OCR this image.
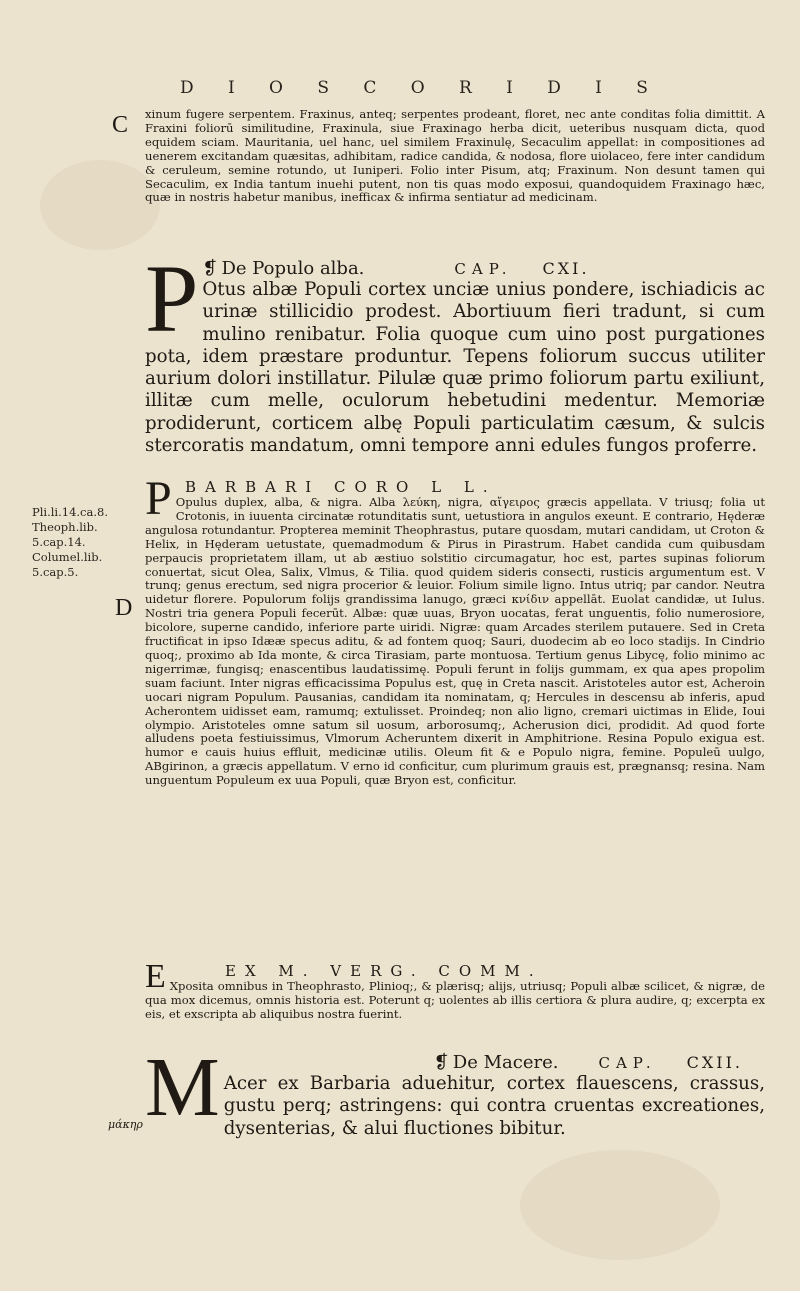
D I O S C O R I D I S
C
D
Pli.li.14.ca.8.
Theoph.lib.
5.cap.14.
Columel.lib.
5.cap.5.
μάκηρ
xinum fugere serpentem. Fraxinus, anteq; serpentes prodeant, floret, nec ante conditas folia dimittit. A Fraxini foliorū similitudine, Fraxinula, siue Fraxinago herba dicit, ueteribus nusquam dicta, quod equidem sciam. Mauritania, uel hanc, uel similem Fraxinulę, Secaculim appellat: in compositiones ad uenerem excitandam quæsitas, adhibitam, radice candida, & nodosa, flore uiolaceo, fere inter candidum & ceruleum, semine rotundo, ut Iuniperi. Folio inter Pisum, atq; Fraxinum. Non desunt tamen qui Secaculim, ex India tantum inuehi putent, non tis quas modo exposui, quandoquidem Fraxinago hæc, quæ in nostris habetur manibus, inefficax & infirma sentiatur ad medicinam.
P ❡ De Populo alba.	CAP. CXI.
Otus albæ Populi cortex unciæ unius pondere, ischiadicis ac urinæ stillicidio prodest. Abortiuum fieri tradunt, si cum mulino renibatur. Folia quoque cum uino post purgationes pota, idem præstare produntur. Tepens foliorum succus utiliter aurium dolori instillatur. Pilulæ quæ primo foliorum partu exiliunt, illitæ cum melle, oculorum hebetudini medentur. Memoriæ prodiderunt, corticem albę Populi particulatim cæsum, & sulcis stercoratis mandatum, omni tempore anni edules fungos proferre.
P BARBARI CORO L L.
Opulus duplex, alba, & nigra. Alba λεύκη, nigra, αἴγειρος græcis appellata. V triusq; folia ut Crotonis, in iuuenta circinatæ rotunditatis sunt, uetustiora in angulos exeunt. E contrario, Hęderæ angulosa rotundantur. Propterea meminit Theophrastus, putare quosdam, mutari candidam, ut Croton & Helix, in Hęderam uetustate, quemadmodum & Pirus in Pirastrum. Habet candida cum quibusdam perpaucis proprietatem illam, ut ab æstiuo solstitio circumagatur, hoc est, partes supinas foliorum conuertat, sicut Olea, Salix, Vlmus, & Tilia. quod quidem sideris consecti, rusticis argumentum est. V trunq; genus erectum, sed nigra procerior & leuior. Folium simile ligno. Intus utriq; par candor. Neutra uidetur florere. Populorum folijs grandissima lanugo, græci κνίδιν appellāt. Euolat candidæ, ut Iulus. Nostri tria genera Populi fecerūt. Albæ: quæ uuas, Bryon uocatas, ferat unguentis, folio numerosiore, bicolore, superne candido, inferiore parte uiridi. Nigræ: quam Arcades sterilem putauere. Sed in Creta fructificat in ipso Idææ specus aditu, & ad fontem quoq; Sauri, duodecim ab eo loco stadijs. In Cindrio quoq;, proximo ab Ida monte, & circa Tirasiam, parte montuosa. Tertium genus Libycę, folio minimo ac nigerrimæ, fungisq; enascentibus laudatissimę. Populi ferunt in folijs gummam, ex qua apes propolim suam faciunt. Inter nigras efficacissima Populus est, quę in Creta nascit. Aristoteles autor est, Acheroin uocari nigram Populum. Pausanias, candidam ita nominatam, q; Hercules in descensu ab inferis, apud Acherontem uidisset eam, ramumq; extulisset. Proindeq; non alio ligno, cremari uictimas in Elide, Ioui olympio. Aristoteles omne satum sil uosum, arborosumq;, Acherusion dici, prodidit. Ad quod forte alludens poeta festiuissimus, Vlmorum Acheruntem dixerit in Amphitrione. Resina Populo exigua est. humor e cauis huius effluit, medicinæ utilis. Oleum fit & e Populo nigra, femine. Populeū uulgo, ABgirinon, a græcis appellatum. V erno id conficitur, cum plurimum grauis est, prægnansq; resina. Nam unguentum Populeum ex uua Populi, quæ Bryon est, conficitur.
E	EX M. VERG. COMM.
Xposita omnibus in Theophrasto, Plinioq;, & plærisq; alijs, utriusq; Populi albæ scilicet, & nigræ, de qua mox dicemus, omnis historia est. Poterunt q; uolentes ab illis certiora & plura audire, q; excerpta ex eis, et exscripta ab aliquibus nostra fuerint.
M	❡ De Macere.	CAP. CXII.
Acer ex Barbaria aduehitur, cortex flauescens, crassus, gustu perq; astringens: qui contra cruentas excreationes, dysenterias, & alui fluctiones bibitur.
